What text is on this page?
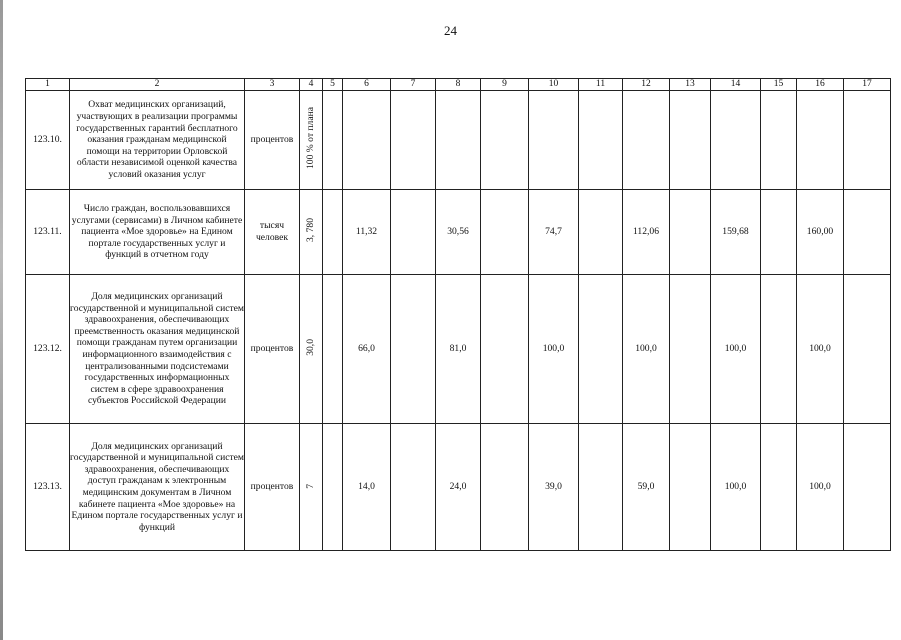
24
1	2	3	4	5	6	7	8	9	10	11	12	13	14	15	16	17
123.10.	Охват медицинских организаций, участвующих в реализации программы государственных гарантий бесплатного оказания гражданам медицинской помощи на территории Орловской области независимой оценкой качества условий оказания услуг	процентов	100 % от плана													
123.11.	Число граждан, воспользовавшихся услугами (сервисами) в Личном кабинете пациента «Мое здоровье» на Едином портале государственных услуг и функций в отчетном году	тысяч человек	3, 780		11,32		30,56		74,7		112,06		159,68		160,00	
123.12.	Доля медицинских организаций государственной и муниципальной систем здравоохранения, обеспечивающих преемственность оказания медицинской помощи гражданам путем организации информационного взаимодействия с централизованными подсистемами государственных информационных систем в сфере здравоохранения субъектов Российской Федерации	процентов	30,0		66,0		81,0		100,0		100,0		100,0		100,0	
123.13.	Доля медицинских организаций государственной и муниципальной систем здравоохранения, обеспечивающих доступ гражданам к электронным медицинским документам в Личном кабинете пациента «Мое здоровье» на Едином портале государственных услуг и функций	процентов	7		14,0		24,0		39,0		59,0		100,0		100,0	
